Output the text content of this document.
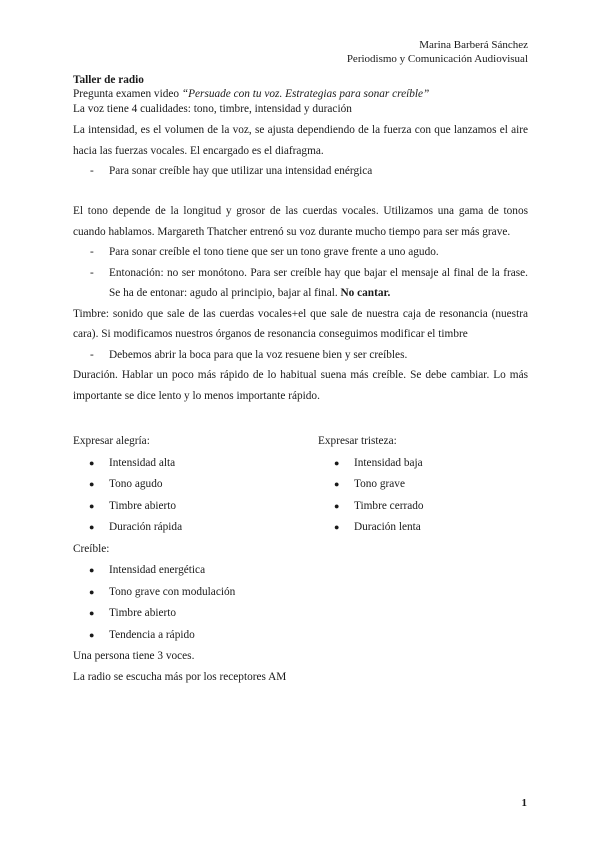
Marina Barberá Sánchez
Periodismo y Comunicación Audiovisual

Taller de radio

Pregunta examen video “Persuade con tu voz. Estrategias para sonar creíble”

La voz tiene 4 cualidades: tono, timbre, intensidad y duración

La intensidad, es el volumen de la voz, se ajusta dependiendo de la fuerza con que lanzamos el aire hacia las fuerzas vocales. El encargado es el diafragma.

- Para sonar creíble hay que utilizar una intensidad enérgica

El tono depende de la longitud y grosor de las cuerdas vocales. Utilizamos una gama de tonos cuando hablamos. Margareth Thatcher entrenó su voz durante mucho tiempo para ser más grave.

- Para sonar creíble el tono tiene que ser un tono grave frente a uno agudo.
- Entonación: no ser monótono. Para ser creíble hay que bajar el mensaje al final de la frase. Se ha de entonar: agudo al principio, bajar al final. No cantar.

Timbre: sonido que sale de las cuerdas vocales+el que sale de nuestra caja de resonancia (nuestra cara). Si modificamos nuestros órganos de resonancia conseguimos modificar el timbre

- Debemos abrir la boca para que la voz resuene bien y ser creíbles.

Duración. Hablar un poco más rápido de lo habitual suena más creíble. Se debe cambiar. Lo más importante se dice lento y lo menos importante rápido.

Expresar alegría:

● Intensidad alta
● Tono agudo
● Timbre abierto
● Duración rápida

Expresar tristeza:

● Intensidad baja
● Tono grave
● Timbre cerrado
● Duración lenta

Creíble:

● Intensidad energética
● Tono grave con modulación
● Timbre abierto
● Tendencia a rápido

Una persona tiene 3 voces.

La radio se escucha más por los receptores AM

1
